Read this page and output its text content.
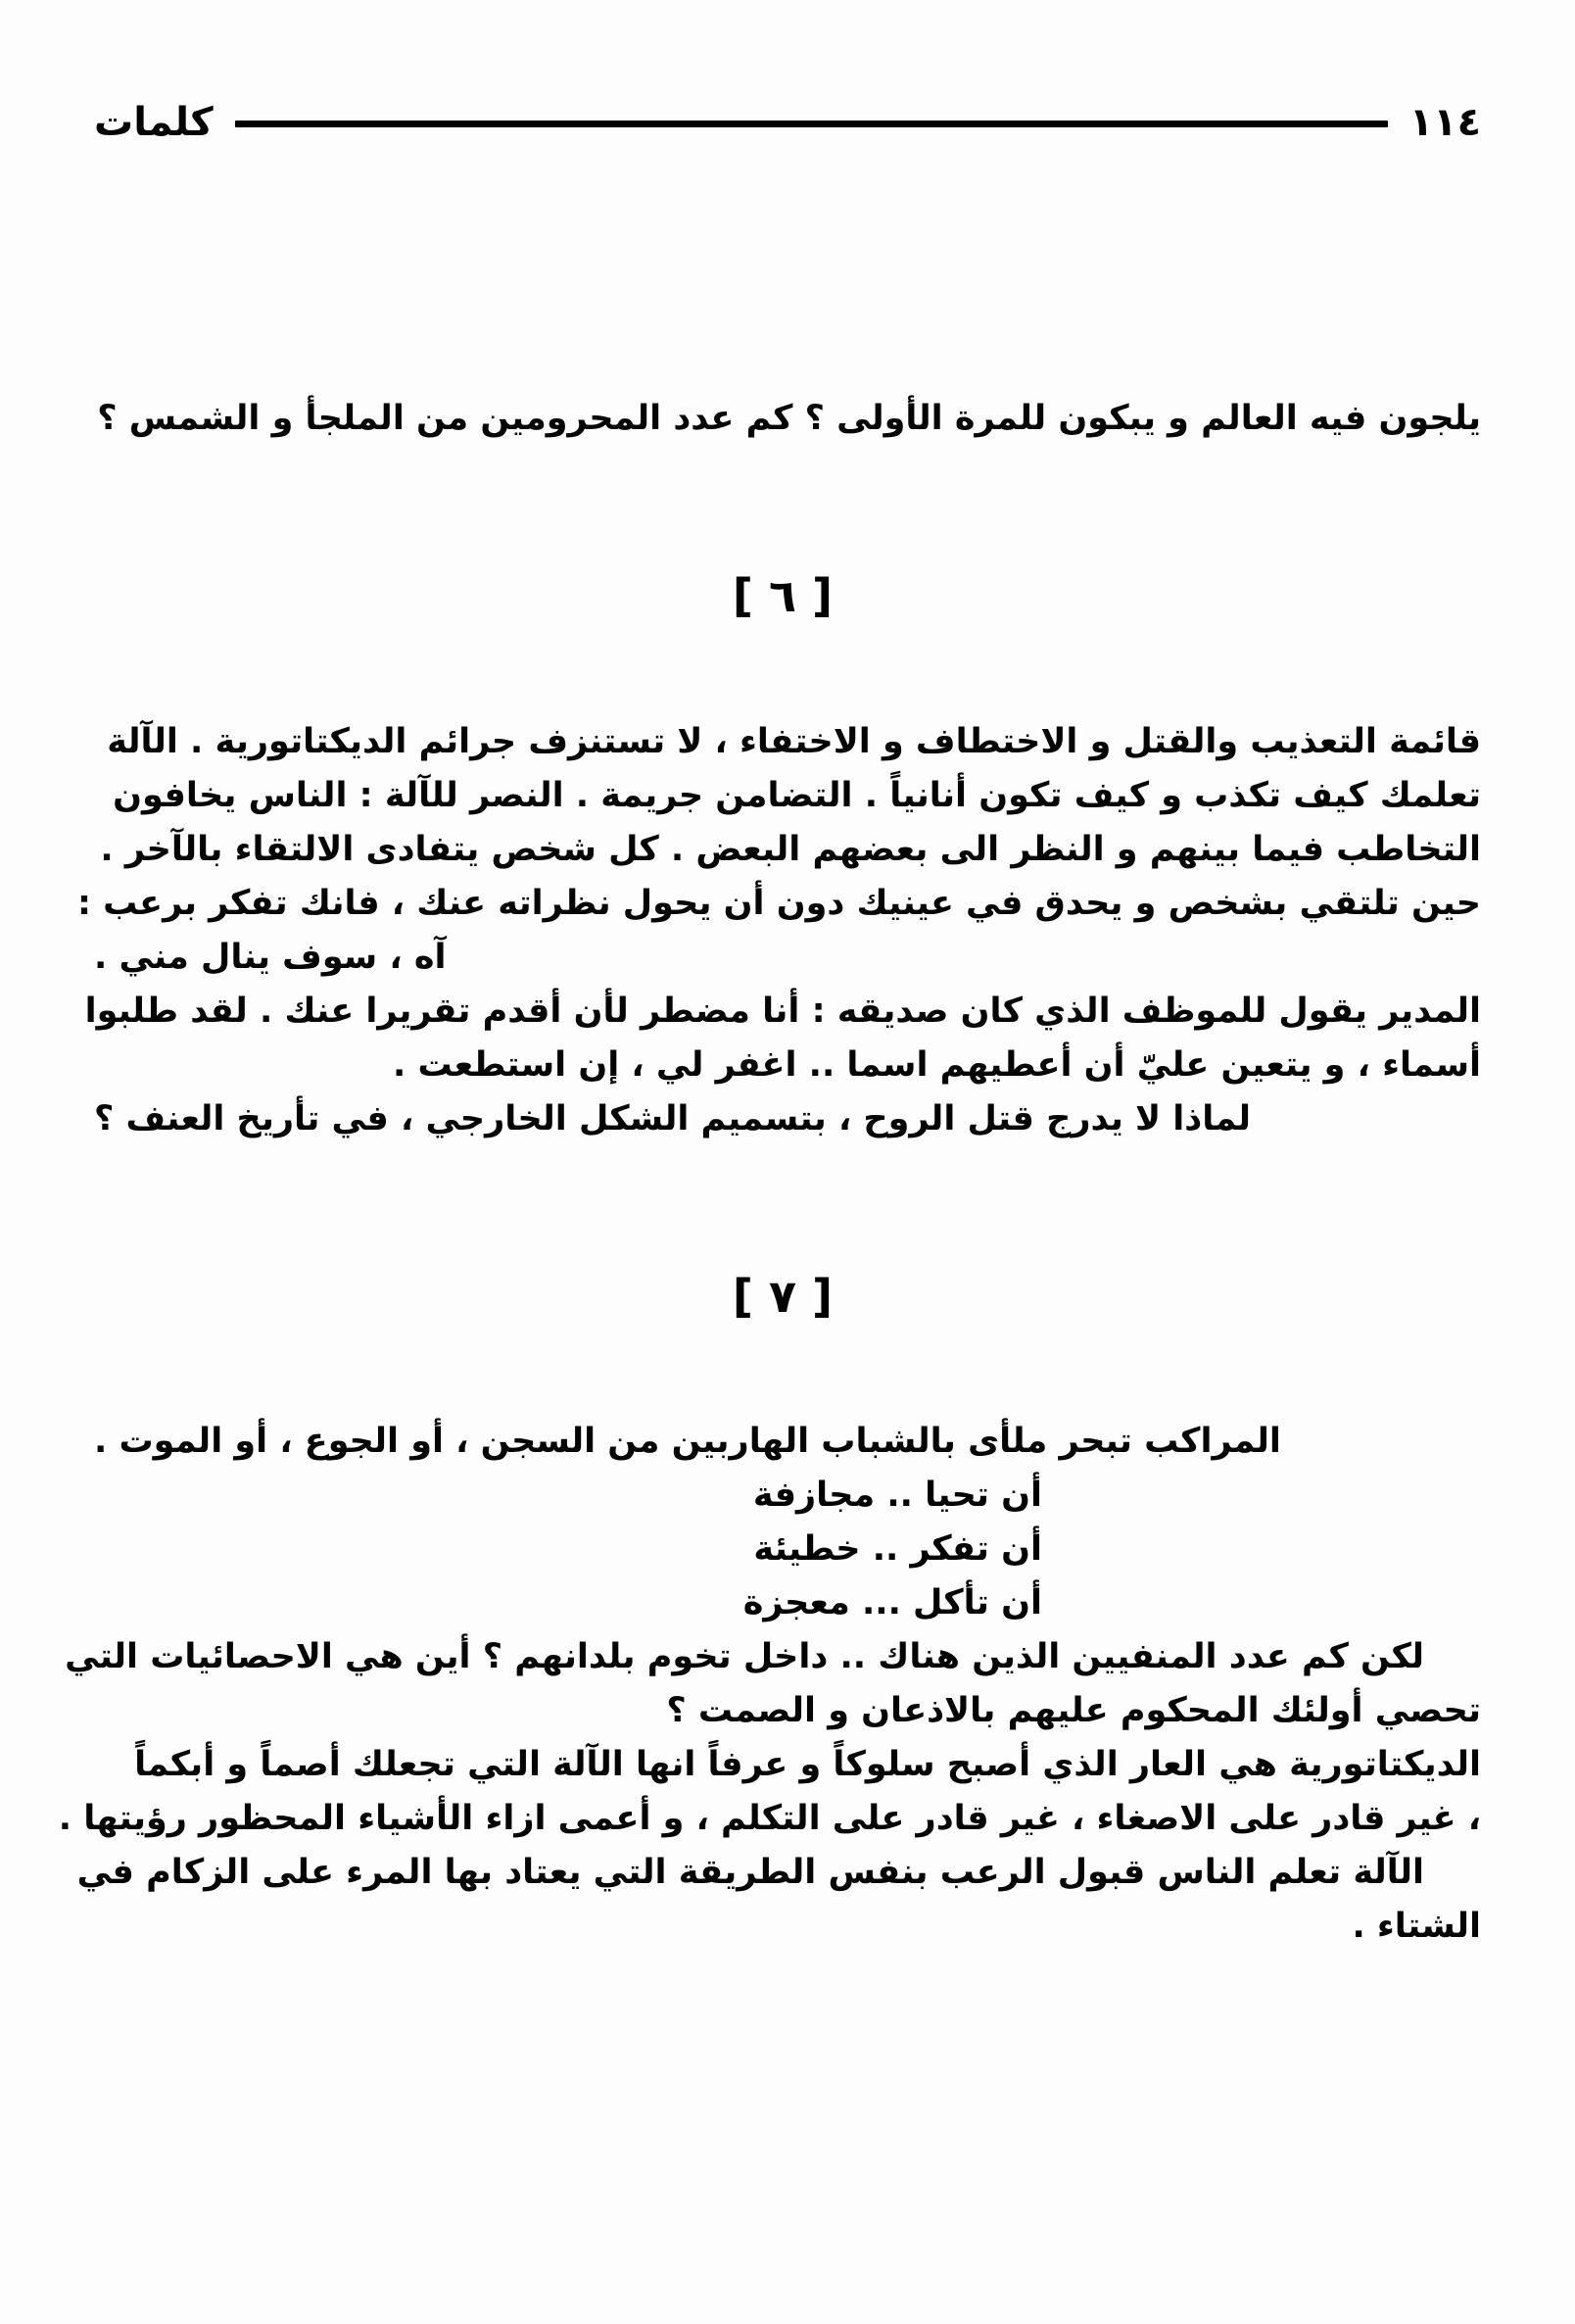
كلمات	١١٤
يلجون فيه العالم و يبكون للمرة الأولى ؟ كم عدد المحرومين من الملجأ و الشمس ؟
[ ٦ ]
قائمة التعذيب والقتل و الاختطاف و الاختفاء ، لا تستنزف جرائم الديكتاتورية . الآلة
تعلمك كيف تكذب و كيف تكون أنانياً . التضامن جريمة . النصر للآلة : الناس يخافون
التخاطب فيما بينهم و النظر الى بعضهم البعض . كل شخص يتفادى الالتقاء بالآخر .
حين تلتقي بشخص و يحدق في عينيك دون أن يحول نظراته عنك ، فانك تفكر برعب :
آه ، سوف ينال مني .
المدير يقول للموظف الذي كان صديقه : أنا مضطر لأن أقدم تقريرا عنك . لقد طلبوا
أسماء ، و يتعين عليّ أن أعطيهم اسما .. اغفر لي ، إن استطعت .
لماذا لا يدرج قتل الروح ، بتسميم الشكل الخارجي ، في تأريخ العنف ؟
[ ٧ ]
المراكب تبحر ملأى بالشباب الهاربين من السجن ، أو الجوع ، أو الموت .
أن تحيا .. مجازفة
أن تفكر .. خطيئة
أن تأكل ... معجزة
لكن كم عدد المنفيين الذين هناك .. داخل تخوم بلدانهم ؟ أين هي الاحصائيات التي
تحصي أولئك المحكوم عليهم بالاذعان و الصمت ؟
الديكتاتورية هي العار الذي أصبح سلوكاً و عرفاً انها الآلة التي تجعلك أصماً و أبكماً
، غير قادر على الاصغاء ، غير قادر على التكلم ، و أعمى ازاء الأشياء المحظور رؤيتها .
الآلة تعلم الناس قبول الرعب بنفس الطريقة التي يعتاد بها المرء على الزكام في
الشتاء .
